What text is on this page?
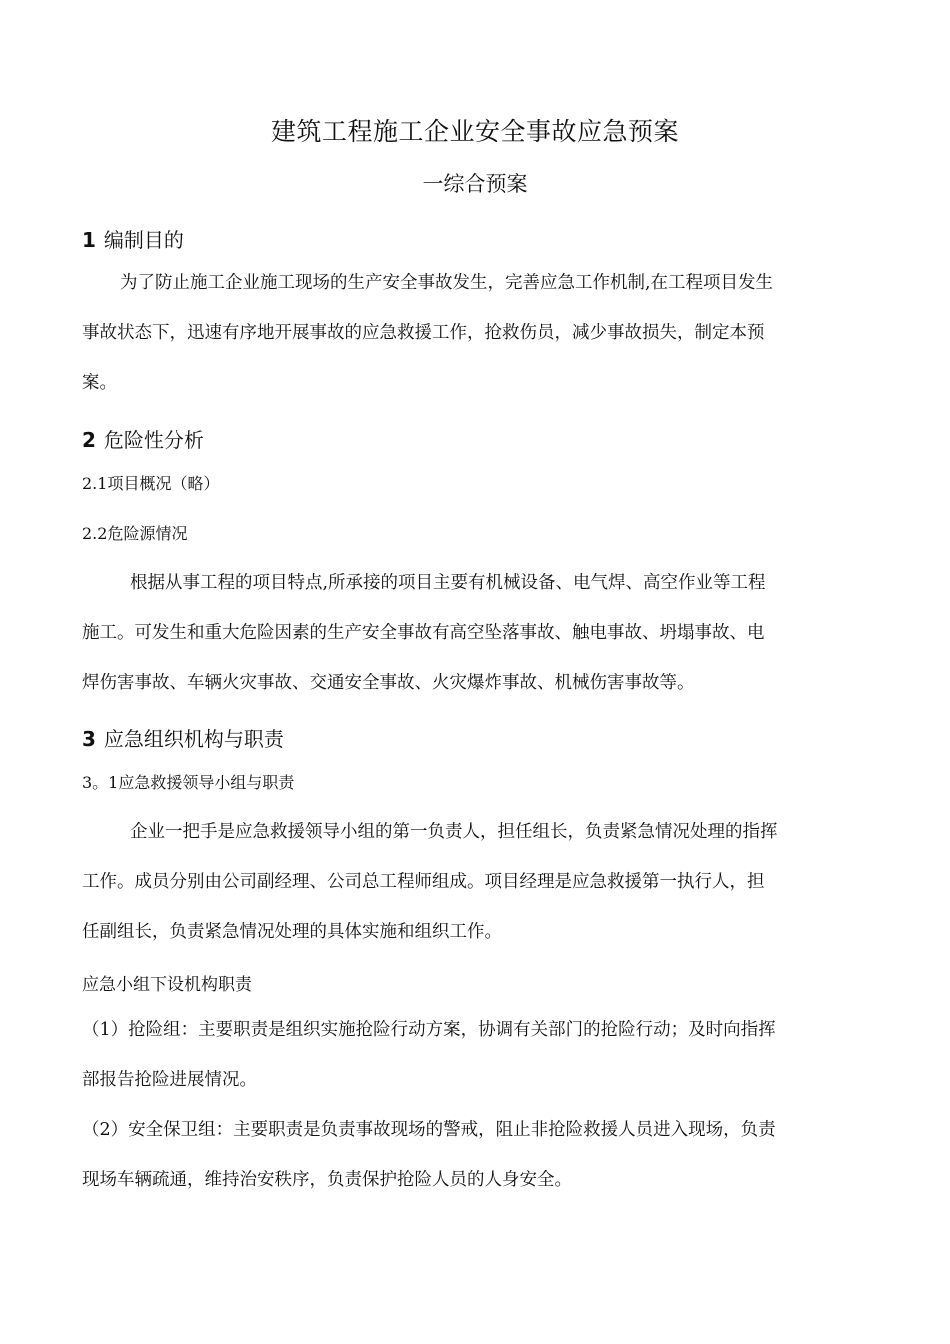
建筑工程施工企业安全事故应急预案
一综合预案
1 编制目的
为了防止施工企业施工现场的生产安全事故发生，完善应急工作机制,在工程项目发生
事故状态下，迅速有序地开展事故的应急救援工作，抢救伤员，减少事故损失，制定本预
案。
2 危险性分析
2.1项目概况（略）
2.2危险源情况
根据从事工程的项目特点,所承接的项目主要有机械设备、电气焊、高空作业等工程
施工。可发生和重大危险因素的生产安全事故有高空坠落事故、触电事故、坍塌事故、电
焊伤害事故、车辆火灾事故、交通安全事故、火灾爆炸事故、机械伤害事故等。
3 应急组织机构与职责
3。1应急救援领导小组与职责
企业一把手是应急救援领导小组的第一负责人，担任组长，负责紧急情况处理的指挥
工作。成员分别由公司副经理、公司总工程师组成。项目经理是应急救援第一执行人，担
任副组长，负责紧急情况处理的具体实施和组织工作。
应急小组下设机构职责
（1）抢险组：主要职责是组织实施抢险行动方案，协调有关部门的抢险行动；及时向指挥
部报告抢险进展情况。
（2）安全保卫组：主要职责是负责事故现场的警戒，阻止非抢险救援人员进入现场，负责
现场车辆疏通，维持治安秩序，负责保护抢险人员的人身安全。
